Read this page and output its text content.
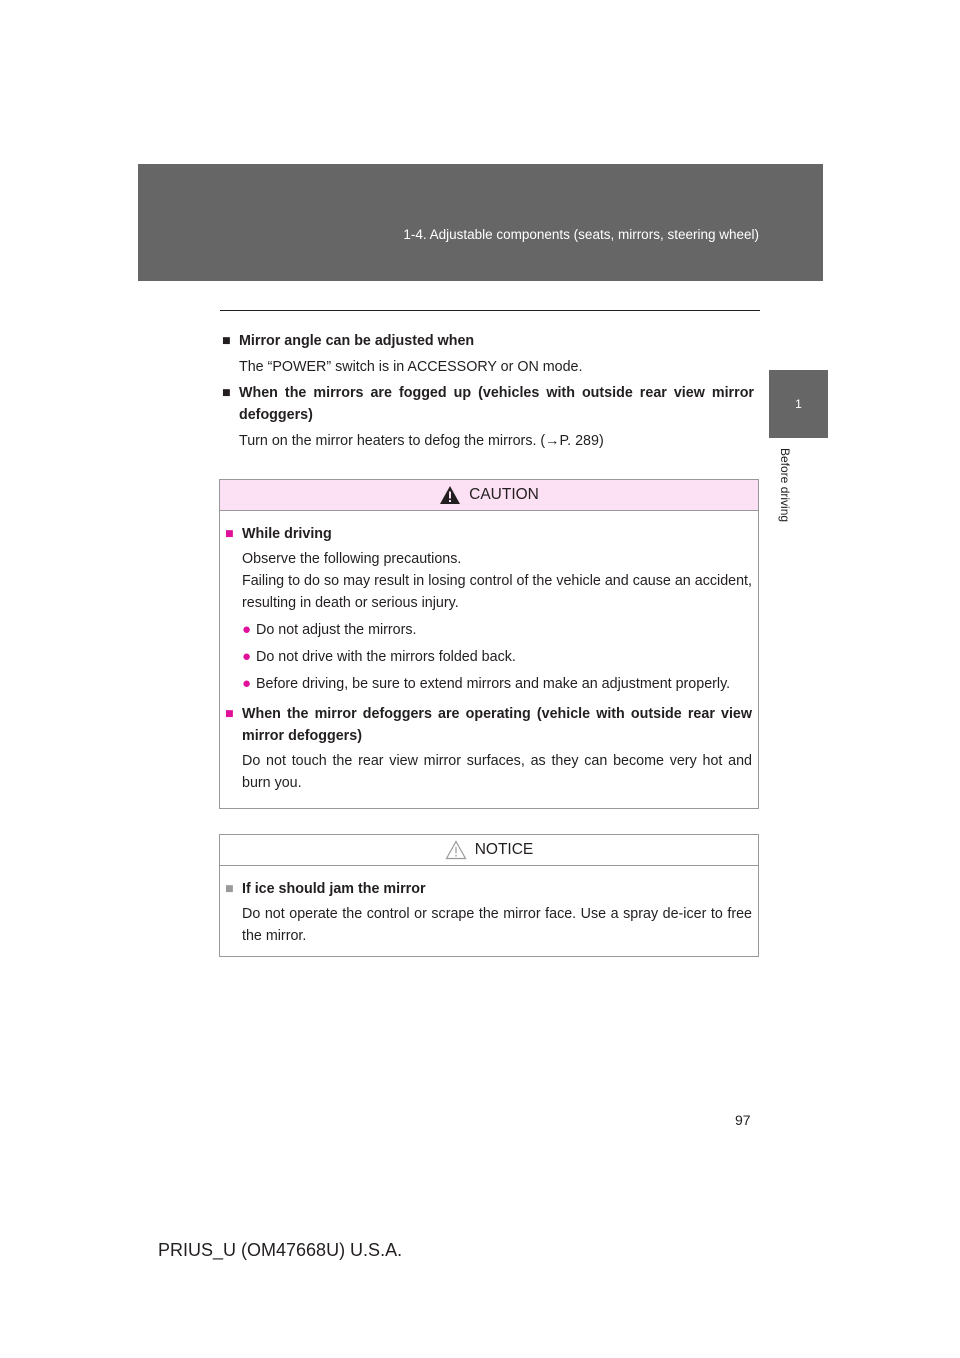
1-4. Adjustable components (seats, mirrors, steering wheel)
1
Before driving
■ Mirror angle can be adjusted when
The “POWER” switch is in ACCESSORY or ON mode.
■ When the mirrors are fogged up (vehicles with outside rear view mirror defoggers)
Turn on the mirror heaters to defog the mirrors. (→P. 289)
CAUTION
■ While driving
Observe the following precautions.
Failing to do so may result in losing control of the vehicle and cause an accident, resulting in death or serious injury.
● Do not adjust the mirrors.
● Do not drive with the mirrors folded back.
● Before driving, be sure to extend mirrors and make an adjustment properly.
■ When the mirror defoggers are operating (vehicle with outside rear view mirror defoggers)
Do not touch the rear view mirror surfaces, as they can become very hot and burn you.
NOTICE
■ If ice should jam the mirror
Do not operate the control or scrape the mirror face. Use a spray de-icer to free the mirror.
97
PRIUS_U (OM47668U) U.S.A.
